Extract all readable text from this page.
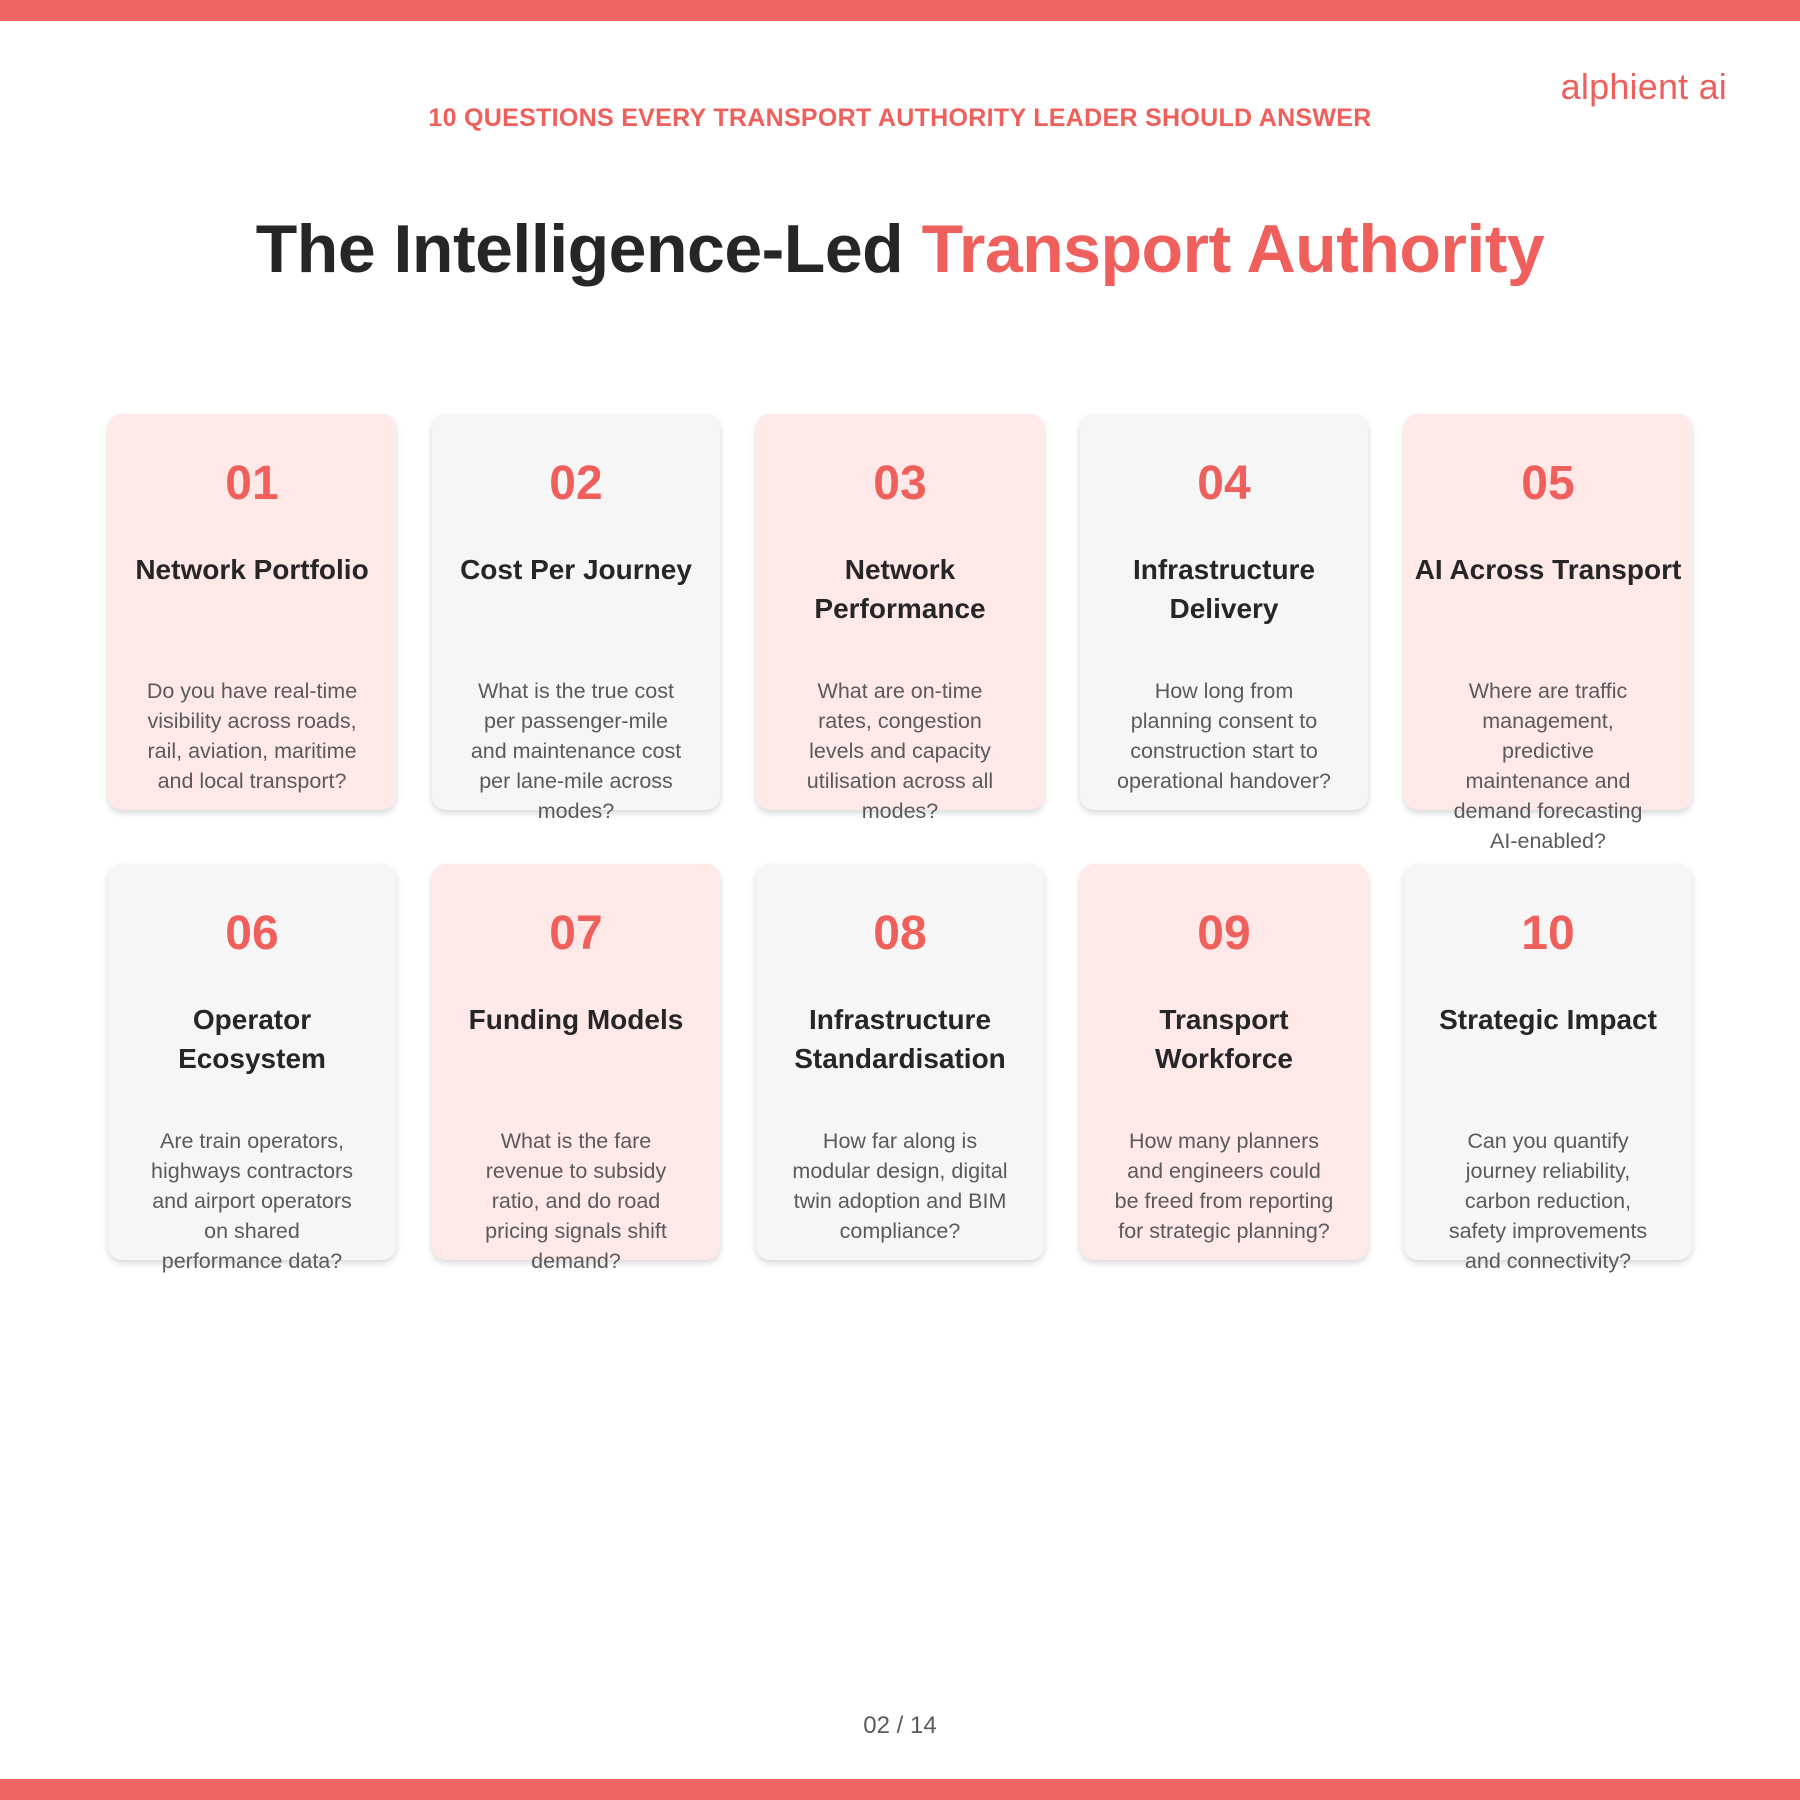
alphient ai
10 QUESTIONS EVERY TRANSPORT AUTHORITY LEADER SHOULD ANSWER
The Intelligence-Led Transport Authority
01
Network Portfolio
Do you have real-time visibility across roads, rail, aviation, maritime and local transport?
02
Cost Per Journey
What is the true cost per passenger-mile and maintenance cost per lane-mile across modes?
03
Network Performance
What are on-time rates, congestion levels and capacity utilisation across all modes?
04
Infrastructure Delivery
How long from planning consent to construction start to operational handover?
05
AI Across Transport
Where are traffic management, predictive maintenance and demand forecasting AI-enabled?
06
Operator Ecosystem
Are train operators, highways contractors and airport operators on shared performance data?
07
Funding Models
What is the fare revenue to subsidy ratio, and do road pricing signals shift demand?
08
Infrastructure Standardisation
How far along is modular design, digital twin adoption and BIM compliance?
09
Transport Workforce
How many planners and engineers could be freed from reporting for strategic planning?
10
Strategic Impact
Can you quantify journey reliability, carbon reduction, safety improvements and connectivity?
02 / 14
